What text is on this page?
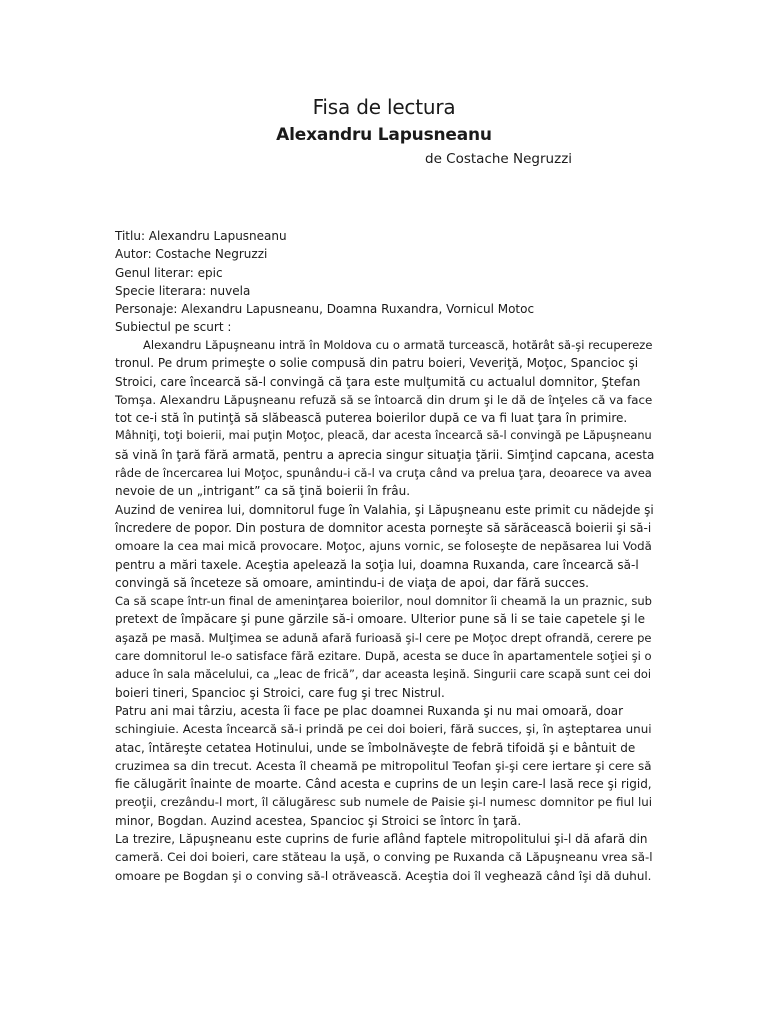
Fisa de lectura
Alexandru Lapusneanu
de Costache Negruzzi
Titlu: Alexandru Lapusneanu
Autor: Costache Negruzzi
Genul literar: epic
Specie literara: nuvela
Personaje: Alexandru Lapusneanu, Doamna Ruxandra, Vornicul Motoc
Subiectul pe scurt :
Alexandru Lăpuşneanu intră în Moldova cu o armată turcească, hotărât să-şi recupereze
tronul. Pe drum primeşte o solie compusă din patru boieri, Veveriţă, Moţoc, Spancioc şi
Stroici, care încearcă să-l convingă că ţara este mulţumită cu actualul domnitor, Ştefan
Tomşa. Alexandru Lăpuşneanu refuză să se întoarcă din drum şi le dă de înţeles că va face
tot ce-i stă în putinţă să slăbească puterea boierilor după ce va fi luat ţara în primire.
Mâhniţi, toţi boierii, mai puţin Moţoc, pleacă, dar acesta încearcă să-l convingă pe Lăpuşneanu
să vină în ţară fără armată, pentru a aprecia singur situaţia ţării. Simţind capcana, acesta
râde de încercarea lui Moţoc, spunându-i că-l va cruţa când va prelua ţara, deoarece va avea
nevoie de un „intrigant” ca să ţină boierii în frâu.
Auzind de venirea lui, domnitorul fuge în Valahia, şi Lăpuşneanu este primit cu nădejde şi
încredere de popor. Din postura de domnitor acesta porneşte să sărăcească boierii şi să-i
omoare la cea mai mică provocare. Moţoc, ajuns vornic, se foloseşte de nepăsarea lui Vodă
pentru a mări taxele. Aceştia apelează la soţia lui, doamna Ruxanda, care încearcă să-l
convingă să înceteze să omoare, amintindu-i de viaţa de apoi, dar fără succes.
Ca să scape într-un final de ameninţarea boierilor, noul domnitor îi cheamă la un praznic, sub
pretext de împăcare şi pune gărzile să-i omoare. Ulterior pune să li se taie capetele şi le
aşază pe masă. Mulţimea se adună afară furioasă şi-l cere pe Moţoc drept ofrandă, cerere pe
care domnitorul le-o satisface fără ezitare. După, acesta se duce în apartamentele soţiei şi o
aduce în sala măcelului, ca „leac de frică”, dar aceasta leşină. Singurii care scapă sunt cei doi
boieri tineri, Spancioc şi Stroici, care fug şi trec Nistrul.
Patru ani mai târziu, acesta îi face pe plac doamnei Ruxanda şi nu mai omoară, doar
schingiuie. Acesta încearcă să-i prindă pe cei doi boieri, fără succes, şi, în aşteptarea unui
atac, întăreşte cetatea Hotinului, unde se îmbolnăveşte de febră tifoidă şi e bântuit de
cruzimea sa din trecut. Acesta îl cheamă pe mitropolitul Teofan şi-şi cere iertare şi cere să
fie călugărit înainte de moarte. Când acesta e cuprins de un leşin care-l lasă rece şi rigid,
preoţii, crezându-l mort, îl călugăresc sub numele de Paisie şi-l numesc domnitor pe fiul lui
minor, Bogdan. Auzind acestea, Spancioc şi Stroici se întorc în ţară.
La trezire, Lăpuşneanu este cuprins de furie aflând faptele mitropolitului şi-l dă afară din
cameră. Cei doi boieri, care stăteau la uşă, o conving pe Ruxanda că Lăpuşneanu vrea să-l
omoare pe Bogdan şi o conving să-l otrăvească. Aceştia doi îl veghează când îşi dă duhul.
